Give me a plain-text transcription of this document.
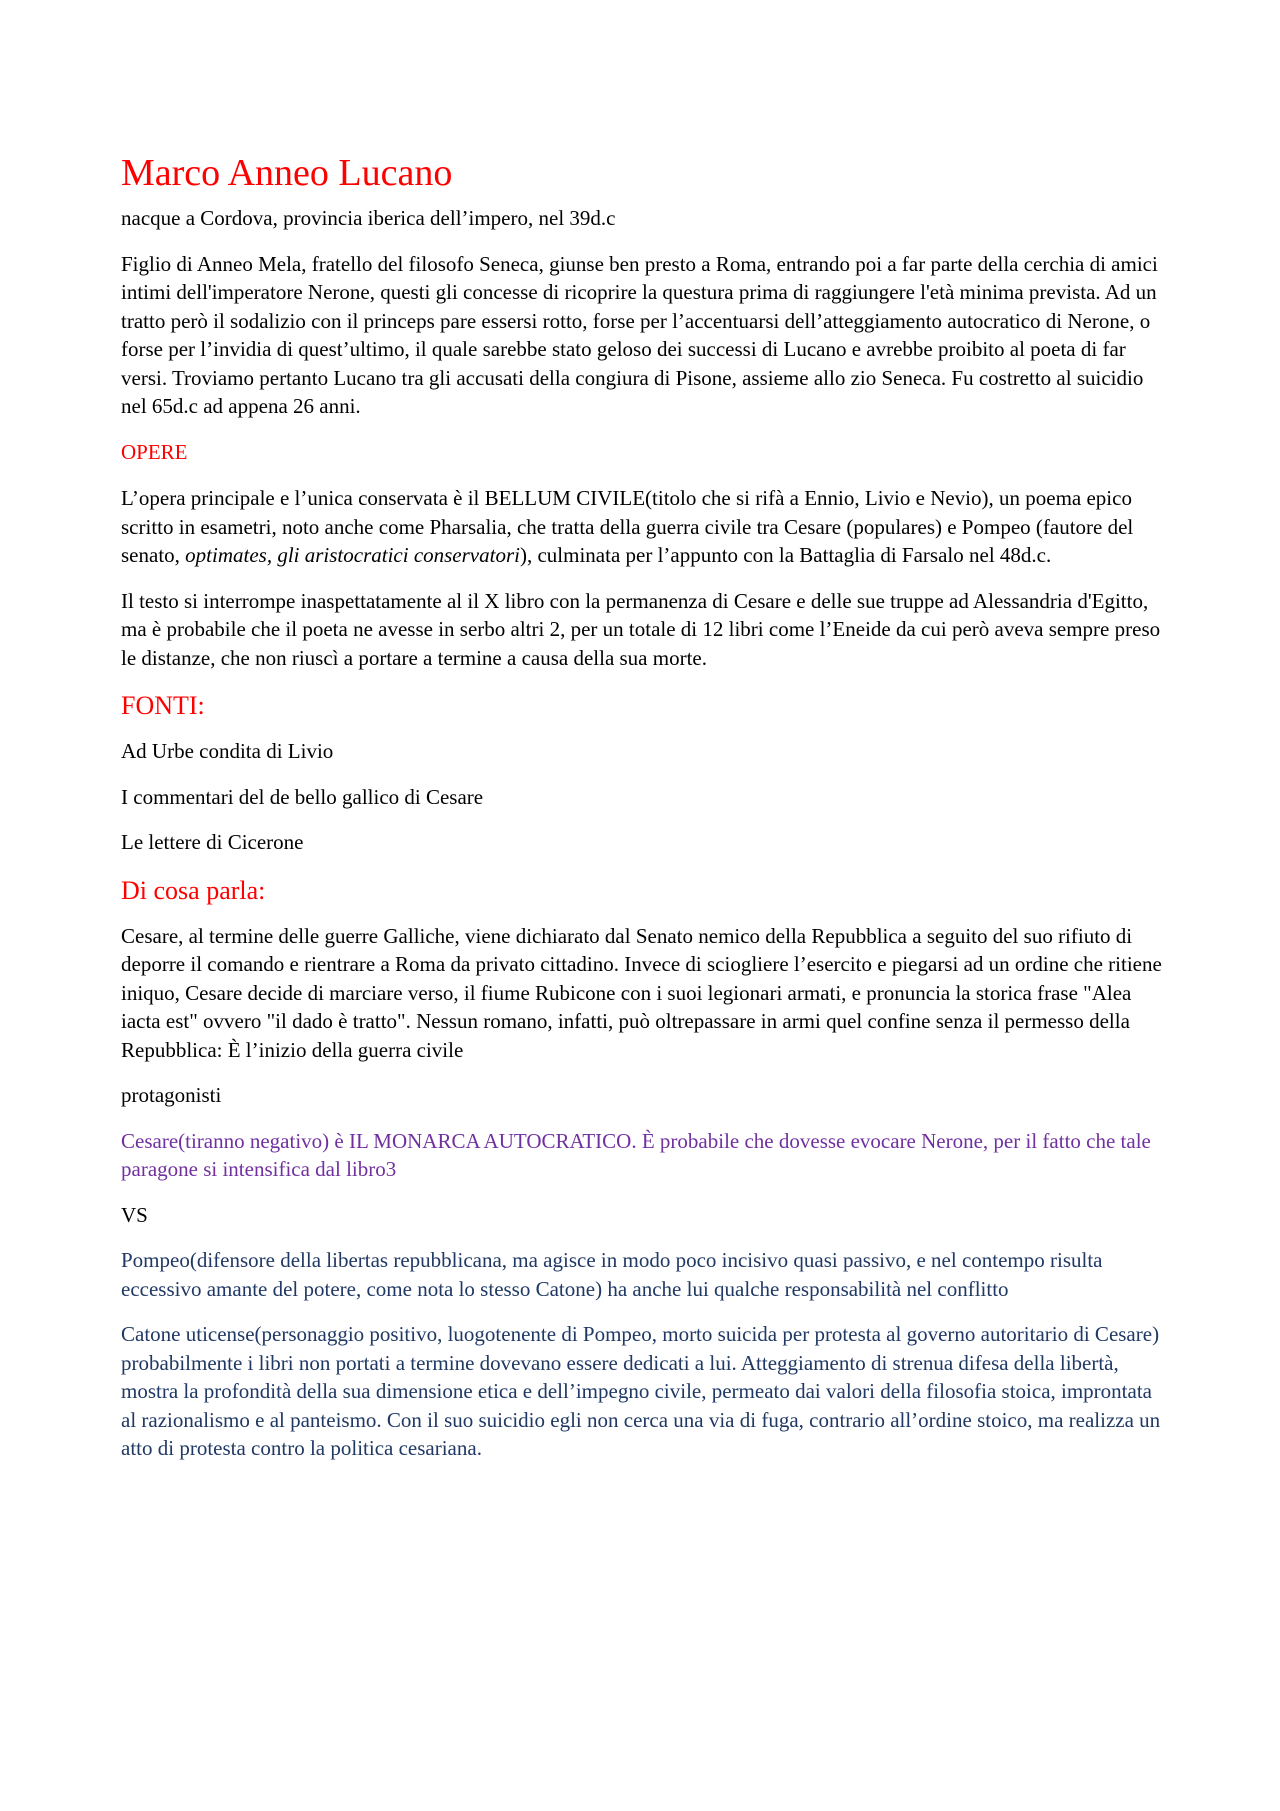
Marco Anneo Lucano

nacque a Cordova, provincia iberica dell’impero, nel 39d.c

Figlio di Anneo Mela, fratello del filosofo Seneca, giunse ben presto a Roma, entrando poi a far parte della cerchia di amici intimi dell'imperatore Nerone, questi gli concesse di ricoprire la questura prima di raggiungere l'età minima prevista. Ad un tratto però il sodalizio con il princeps pare essersi rotto, forse per l’accentuarsi dell’atteggiamento autocratico di Nerone, o forse per l’invidia di quest’ultimo, il quale sarebbe stato geloso dei successi di Lucano e avrebbe proibito al poeta di far versi. Troviamo pertanto Lucano tra gli accusati della congiura di Pisone, assieme allo zio Seneca. Fu costretto al suicidio nel 65d.c ad appena 26 anni.

OPERE

L’opera principale e l’unica conservata è il BELLUM CIVILE(titolo che si rifà a Ennio, Livio e Nevio), un poema epico scritto in esametri, noto anche come Pharsalia, che tratta della guerra civile tra Cesare (populares) e Pompeo (fautore del senato, optimates, gli aristocratici conservatori), culminata per l’appunto con la Battaglia di Farsalo nel 48d.c.

Il testo si interrompe inaspettatamente al il X libro con la permanenza di Cesare e delle sue truppe ad Alessandria d'Egitto, ma è probabile che il poeta ne avesse in serbo altri 2, per un totale di 12 libri come l’Eneide da cui però aveva sempre preso le distanze, che non riuscì a portare a termine a causa della sua morte.

FONTI:

Ad Urbe condita di Livio

I commentari del de bello gallico di Cesare

Le lettere di Cicerone

Di cosa parla:

Cesare, al termine delle guerre Galliche, viene dichiarato dal Senato nemico della Repubblica a seguito del suo rifiuto di deporre il comando e rientrare a Roma da privato cittadino. Invece di sciogliere l’esercito e piegarsi ad un ordine che ritiene iniquo, Cesare decide di marciare verso, il fiume Rubicone con i suoi legionari armati, e pronuncia la storica frase "Alea iacta est" ovvero "il dado è tratto". Nessun romano, infatti, può oltrepassare in armi quel confine senza il permesso della Repubblica: È l’inizio della guerra civile

protagonisti

Cesare(tiranno negativo) è IL MONARCA AUTOCRATICO. È probabile che dovesse evocare Nerone, per il fatto che tale paragone si intensifica dal libro3

VS

Pompeo(difensore della libertas repubblicana, ma agisce in modo poco incisivo quasi passivo, e nel contempo risulta eccessivo amante del potere, come nota lo stesso Catone) ha anche lui qualche responsabilità nel conflitto

Catone uticense(personaggio positivo, luogotenente di Pompeo, morto suicida per protesta al governo autoritario di Cesare) probabilmente i libri non portati a termine dovevano essere dedicati a lui. Atteggiamento di strenua difesa della libertà, mostra la profondità della sua dimensione etica e dell’impegno civile, permeato dai valori della filosofia stoica, improntata al razionalismo e al panteismo. Con il suo suicidio egli non cerca una via di fuga, contrario all’ordine stoico, ma realizza un atto di protesta contro la politica cesariana.
